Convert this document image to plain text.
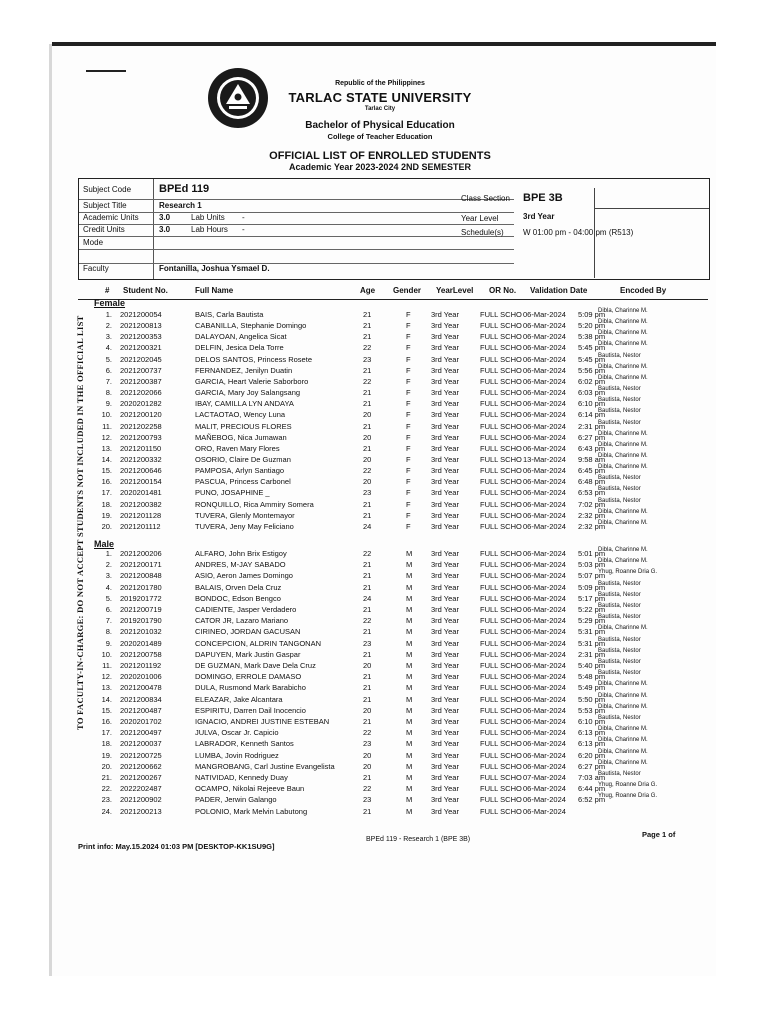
Republic of the Philippines
TARLAC STATE UNIVERSITY
Tarlac City
Bachelor of Physical Education
College of Teacher Education
OFFICIAL LIST OF ENROLLED STUDENTS
Academic Year 2023-2024 2ND SEMESTER
Subject Code	BPEd 119
Subject Title	Research 1
Academic Units	3.0	Lab Units -
Credit Units	3.0	Lab Hours -
Mode
Faculty	Fontanilla, Joshua Ysmael D.
Class Section BPE 3B
Year Level	3rd Year
Schedule(s) W 01:00 pm - 04:00 pm (R513)
# Student No.	Full Name	Age Gender YearLevel OR No. Validation Date	Encoded By
Female
Male
1. 2021200054	BAIS, Carla Bautista	21	F	3rd Year	FULL SCHO 06-Mar-2024 5:09 pm
Dibla, Charinne M.
2. 2021200813	CABANILLA, Stephanie Domingo	21	F	3rd Year	FULL SCHO 06-Mar-2024 5:20 pm
Dibla, Charinne M.
3. 2021200353	DALAYOAN, Angelica Sicat	21	F	3rd Year	FULL SCHO 06-Mar-2024 5:38 pm
Dibla, Charinne M.
4. 2021200321	DELFIN, Jesica Dela Torre	22	F	3rd Year	FULL SCHO 06-Mar-2024 5:45 pm
Dibla, Charinne M.
5. 2021202045	DELOS SANTOS, Princess Rosete	23	F	3rd Year	FULL SCHO 06-Mar-2024 5:45 pm
Bautista, Nestor
6. 2021200737	FERNANDEZ, Jenilyn Duatin	21	F	3rd Year	FULL SCHO 06-Mar-2024 5:56 pm
Dibla, Charinne M.
7. 2021200387	GARCIA, Heart Valerie Saborboro	22	F	3rd Year	FULL SCHO 06-Mar-2024 6:02 pm
Dibla, Charinne M.
8. 2021202066	GARCIA, Mary Joy Salangsang	21	F	3rd Year	FULL SCHO 06-Mar-2024 6:03 pm
Bautista, Nestor
9. 2020201282	IBAY, CAMILLA LYN ANDAYA	21	F	3rd Year	FULL SCHO 06-Mar-2024 6:10 pm
Bautista, Nestor
10. 2021200120	LACTAOTAO, Wency Luna	20	F	3rd Year	FULL SCHO 06-Mar-2024 6:14 pm
Bautista, Nestor
11. 2021202258	MALIT, PRECIOUS FLORES	21	F	3rd Year	FULL SCHO 06-Mar-2024 2:31 pm
Bautista, Nestor
12. 2021200793	MAÑEBOG, Nica Jumawan	20	F	3rd Year	FULL SCHO 06-Mar-2024 6:27 pm
Dibla, Charinne M.
13. 2021201150	ORO, Raven Mary Flores	21	F	3rd Year	FULL SCHO 06-Mar-2024 6:43 pm
Dibla, Charinne M.
14. 2021200332	OSORIO, Claire De Guzman	20	F	3rd Year	FULL SCHO 13-Mar-2024 9:58 am
Dibla, Charinne M.
15. 2021200646	PAMPOSA, Arlyn Santiago	22	F	3rd Year	FULL SCHO 06-Mar-2024 6:45 pm
Dibla, Charinne M.
16. 2021200154	PASCUA, Princess Carbonel	20	F	3rd Year	FULL SCHO 06-Mar-2024 6:48 pm
Bautista, Nestor
17. 2020201481	PUNO, JOSAPHINE _	23	F	3rd Year	FULL SCHO 06-Mar-2024 6:53 pm
Bautista, Nestor
18. 2021200382	RONQUILLO, Rica Ammiry Somera	21	F	3rd Year	FULL SCHO 06-Mar-2024 7:02 pm
Bautista, Nestor
19. 2021201128	TUVERA, Glenly Montemayor	21	F	3rd Year	FULL SCHO 06-Mar-2024 2:32 pm
Dibla, Charinne M.
20. 2021201112	TUVERA, Jeny May Feliciano	24	F	3rd Year	FULL SCHO 06-Mar-2024 2:32 pm
Dibla, Charinne M.
1. 2021200206	ALFARO, John Brix Estigoy	22	M	3rd Year	FULL SCHO 06-Mar-2024 5:01 pm
Dibla, Charinne M.
2. 2021200171	ANDRES, M-JAY SABADO	21	M	3rd Year	FULL SCHO 06-Mar-2024 5:03 pm
Dibla, Charinne M.
3. 2021200848	ASIO, Aeron James Domingo	21	M	3rd Year	FULL SCHO 06-Mar-2024 5:07 pm
Yhug, Roanne Dria G.
4. 2021201780	BALAIS, Orven Dela Cruz	21	M	3rd Year	FULL SCHO 06-Mar-2024 5:09 pm
Bautista, Nestor
5. 2019201772	BONDOC, Edson Bengco	24	M	3rd Year	FULL SCHO 06-Mar-2024 5:17 pm
Bautista, Nestor
6. 2021200719	CADIENTE, Jasper Verdadero	21	M	3rd Year	FULL SCHO 06-Mar-2024 5:22 pm
Bautista, Nestor
7. 2019201790	CATOR JR, Lazaro Mariano	22	M	3rd Year	FULL SCHO 06-Mar-2024 5:29 pm
Bautista, Nestor
8. 2021201032	CIRINEO, JORDAN GACUSAN	21	M	3rd Year	FULL SCHO 06-Mar-2024 5:31 pm
Dibla, Charinne M.
9. 2020201489	CONCEPCION, ALDRIN TANGONAN	23	M	3rd Year	FULL SCHO 06-Mar-2024 5:31 pm
Bautista, Nestor
10. 2021200758	DAPUYEN, Mark Justin Gaspar	21	M	3rd Year	FULL SCHO 06-Mar-2024 2:31 pm
Bautista, Nestor
11. 2021201192	DE GUZMAN, Mark Dave Dela Cruz	20	M	3rd Year	FULL SCHO 06-Mar-2024 5:40 pm
Bautista, Nestor
12. 2020201006	DOMINGO, ERROLE DAMASO	21	M	3rd Year	FULL SCHO 06-Mar-2024 5:48 pm
Bautista, Nestor
13. 2021200478	DULA, Rusmond Mark Barabicho	21	M	3rd Year	FULL SCHO 06-Mar-2024 5:49 pm
Dibla, Charinne M.
14. 2021200834	ELEAZAR, Jake Alcantara	21	M	3rd Year	FULL SCHO 06-Mar-2024 5:50 pm
Dibla, Charinne M.
15. 2021200487	ESPIRITU, Darren Dail Inocencio	20	M	3rd Year	FULL SCHO 06-Mar-2024 5:53 pm
Dibla, Charinne M.
16. 2020201702	IGNACIO, ANDREI JUSTINE ESTEBAN	21	M	3rd Year	FULL SCHO 06-Mar-2024 6:10 pm
Bautista, Nestor
17. 2021200497	JULVA, Oscar Jr. Capicio	22	M	3rd Year	FULL SCHO 06-Mar-2024 6:13 pm
Dibla, Charinne M.
18. 2021200037	LABRADOR, Kenneth Santos	23	M	3rd Year	FULL SCHO 06-Mar-2024 6:13 pm
Dibla, Charinne M.
19. 2021200725	LUMBA, Jovin Rodriguez	20	M	3rd Year	FULL SCHO 06-Mar-2024 6:20 pm
Dibla, Charinne M.
20. 2021200662	MANGROBANG, Carl Justine Evangelista	20	M	3rd Year	FULL SCHO 06-Mar-2024 6:27 pm
Dibla, Charinne M.
21. 2021200267	NATIVIDAD, Kennedy Duay	21	M	3rd Year	FULL SCHO 07-Mar-2024 7:03 am
Bautista, Nestor
22. 2022202487	OCAMPO, Nikolai Rejeeve Baun	22	M	3rd Year	FULL SCHO 06-Mar-2024 6:44 pm
Yhug, Roanne Dria G.
23. 2021200902	PADER, Jerwin Galango	23	M	3rd Year	FULL SCHO 06-Mar-2024 6:52 pm
Yhug, Roanne Dria G.
24. 2021200213	POLONIO, Mark Melvin Labutong	21	M	3rd Year	FULL SCHO 06-Mar-2024
TO FACULTY-IN-CHARGE: DO NOT ACCEPT STUDENTS NOT INCLUDED IN THE OFFICIAL LIST
Print info: May.15.2024 01:03 PM [DESKTOP-KK1SU9G]
BPEd 119 - Research 1 (BPE 3B)
Page 1 of
